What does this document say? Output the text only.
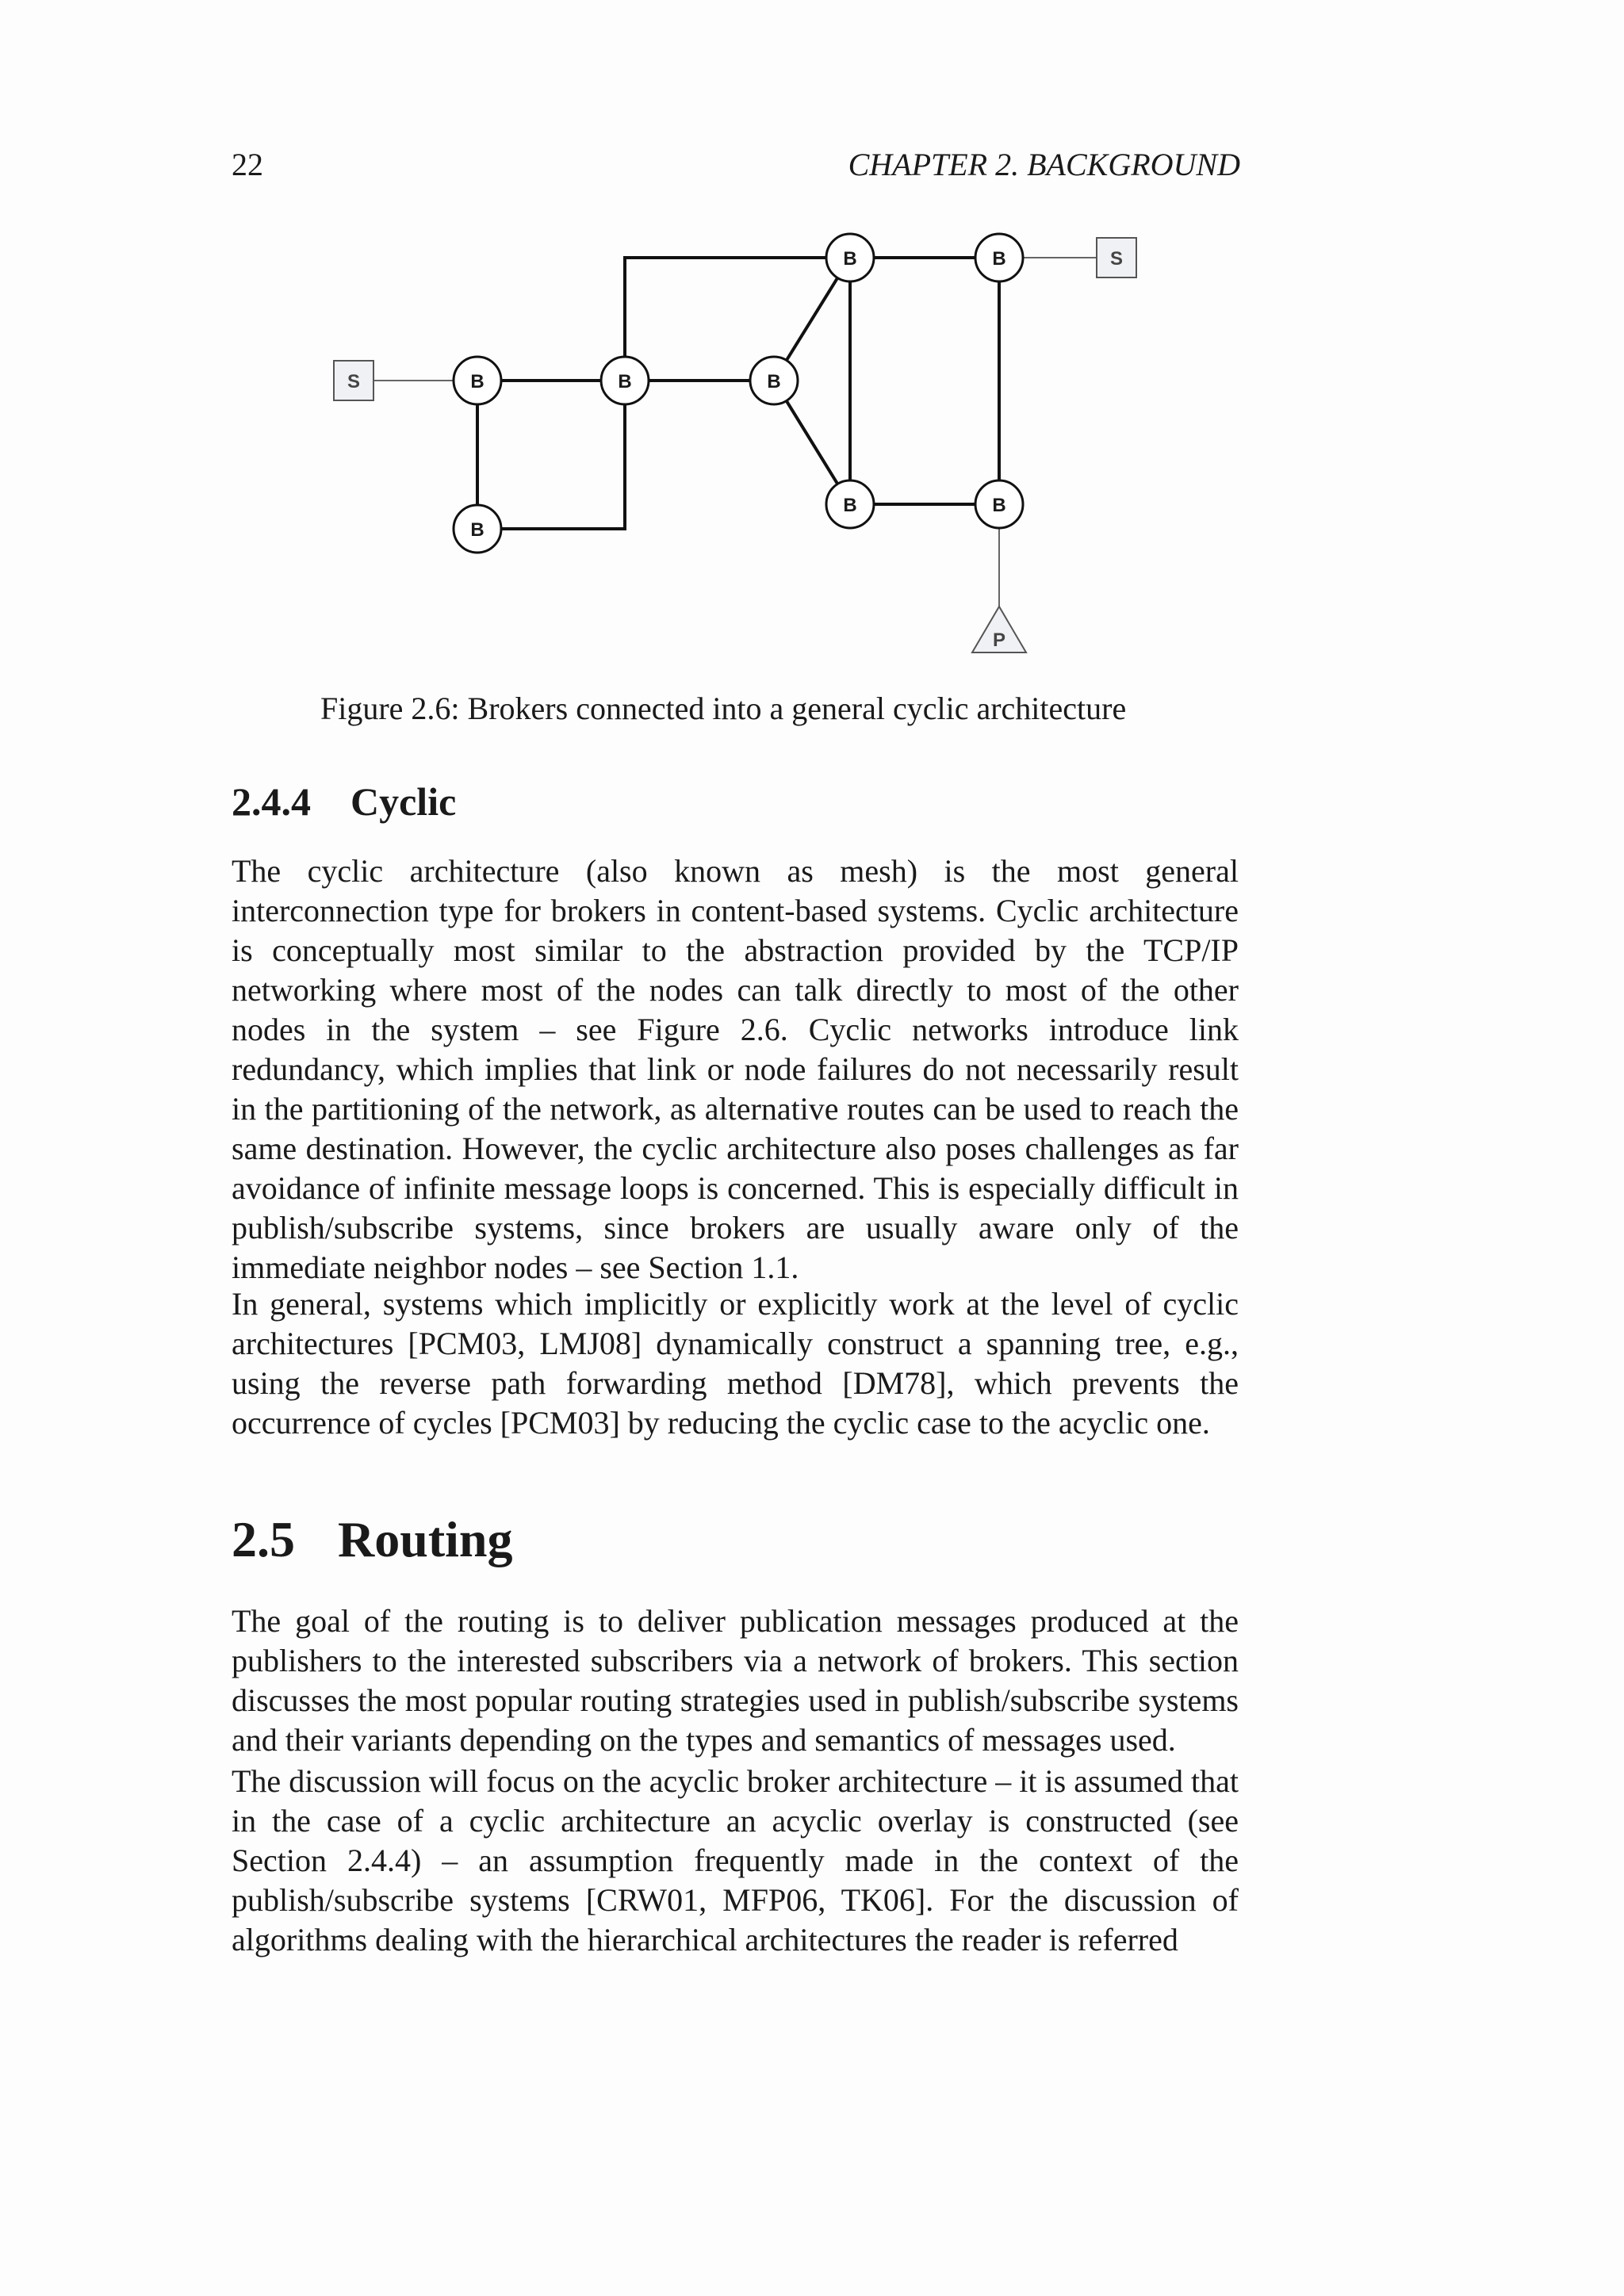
22	CHAPTER 2. BACKGROUND
B	B	B
B	B
B
B	B
S
S
P
Figure 2.6: Brokers connected into a general cyclic architecture
2.4.4 Cyclic

The cyclic architecture (also known as mesh) is the most general interconnection type for brokers in content-based systems. Cyclic architecture is conceptually most similar to the abstraction provided by the TCP/IP networking where most of the nodes can talk directly to most of the other nodes in the system – see Figure 2.6. Cyclic networks introduce link redundancy, which implies that link or node failures do not necessarily result in the partitioning of the network, as alternative routes can be used to reach the same destination. However, the cyclic architecture also poses challenges as far avoidance of infinite message loops is concerned. This is especially difficult in publish/subscribe systems, since brokers are usually aware only of the immediate neighbor nodes – see Section 1.1.

In general, systems which implicitly or explicitly work at the level of cyclic architectures [PCM03, LMJ08] dynamically construct a spanning tree, e.g., using the reverse path forwarding method [DM78], which prevents the occurrence of cycles [PCM03] by reducing the cyclic case to the acyclic one.

2.5 Routing

The goal of the routing is to deliver publication messages produced at the publishers to the interested subscribers via a network of brokers. This section discusses the most popular routing strategies used in publish/subscribe systems and their variants depending on the types and semantics of messages used.

The discussion will focus on the acyclic broker architecture – it is assumed that in the case of a cyclic architecture an acyclic overlay is constructed (see Section 2.4.4) – an assumption frequently made in the context of the publish/subscribe systems [CRW01, MFP06, TK06]. For the discussion of algorithms dealing with the hierarchical architectures the reader is referred
